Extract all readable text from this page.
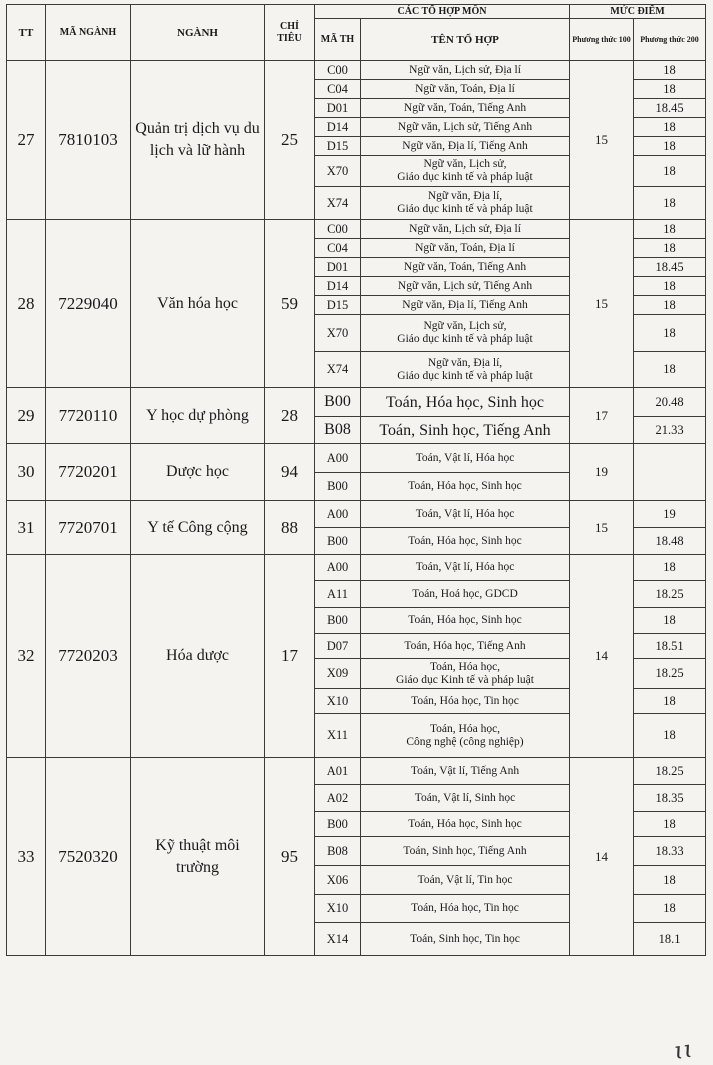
TT	MÃ NGÀNH	NGÀNH	CHỈ TIÊU	CÁC TỔ HỢP MÔN		MỨC ĐIỂM	
				MÃ TH	TÊN TỔ HỢP	Phương thức 100	Phương thức 200
27	7810103	Quản trị dịch vụ du lịch và lữ hành	25	C00	Ngữ văn, Lịch sử, Địa lí	15	18
				C04	Ngữ văn, Toán, Địa lí		18
				D01	Ngữ văn, Toán, Tiếng Anh		18.45
				D14	Ngữ văn, Lịch sử, Tiếng Anh		18
				D15	Ngữ văn, Địa lí, Tiếng Anh		18
				X70	Ngữ văn, Lịch sử,
Giáo dục kinh tế và pháp luật		18
				X74	Ngữ văn, Địa lí,
Giáo dục kinh tế và pháp luật		18
28	7229040	Văn hóa học	59	C00	Ngữ văn, Lịch sử, Địa lí	15	18
				C04	Ngữ văn, Toán, Địa lí		18
				D01	Ngữ văn, Toán, Tiếng Anh		18.45
				D14	Ngữ văn, Lịch sử, Tiếng Anh		18
				D15	Ngữ văn, Địa lí, Tiếng Anh		18
				X70	Ngữ văn, Lịch sử,
Giáo dục kinh tế và pháp luật		18
				X74	Ngữ văn, Địa lí,
Giáo dục kinh tế và pháp luật		18
29	7720110	Y học dự phòng	28	B00	Toán, Hóa học, Sinh học	17	20.48
				B08	Toán, Sinh học, Tiếng Anh		21.33
30	7720201	Dược học	94	A00	Toán, Vật lí, Hóa học	19	
				B00	Toán, Hóa học, Sinh học		
31	7720701	Y tế Công cộng	88	A00	Toán, Vật lí, Hóa học	15	19
				B00	Toán, Hóa học, Sinh học		18.48
32	7720203	Hóa dược	17	A00	Toán, Vật lí, Hóa học	14	18
				A11	Toán, Hoá học, GDCD		18.25
				B00	Toán, Hóa học, Sinh học		18
				D07	Toán, Hóa học, Tiếng Anh		18.51
				X09	Toán, Hóa học,
Giáo dục Kinh tế và pháp luật		18.25
				X10	Toán, Hóa học, Tin học		18
				X11	Toán, Hóa học,
Công nghệ (công nghiệp)		18
33	7520320	Kỹ thuật môi trường	95	A01	Toán, Vật lí, Tiếng Anh	14	18.25
				A02	Toán, Vật lí, Sinh học		18.35
				B00	Toán, Hóa học, Sinh học		18
				B08	Toán, Sinh học, Tiếng Anh		18.33
				X06	Toán, Vật lí, Tin học		18
				X10	Toán, Hóa học, Tin học		18
				X14	Toán, Sinh học, Tin học		18.1
ɩɩ
